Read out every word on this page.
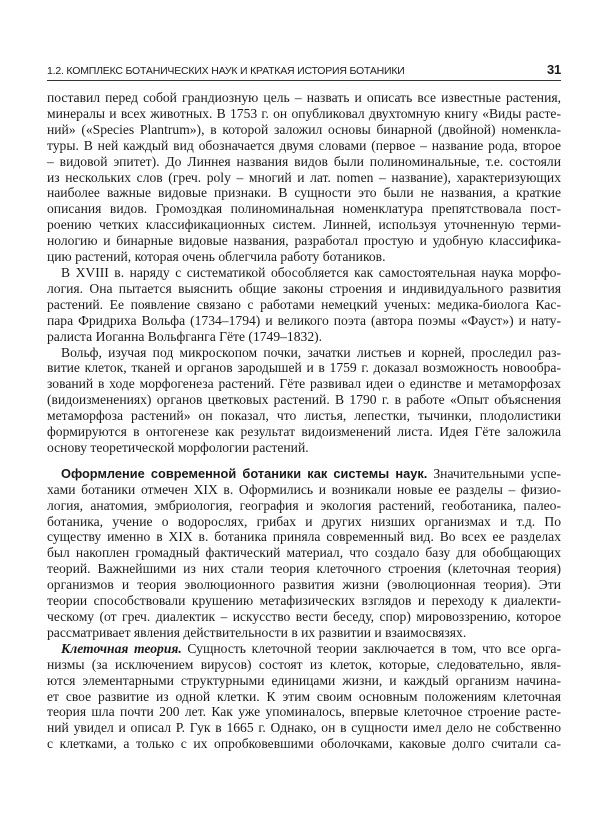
1.2. КОМПЛЕКС БОТАНИЧЕСКИХ НАУК И КРАТКАЯ ИСТОРИЯ БОТАНИКИ	31
поставил перед собой грандиозную цель – назвать и описать все известные растения,
минералы и всех животных. В 1753 г. он опубликовал двухтомную книгу «Виды расте-
ний» («Species Plantrum»), в которой заложил основы бинарной (двойной) номенкла-
туры. В ней каждый вид обозначается двумя словами (первое – название рода, второе
– видовой эпитет). До Линнея названия видов были полиноминальные, т.е. состояли
из нескольких слов (греч. poly – многий и лат. nomen – название), характеризующих
наиболее важные видовые признаки. В сущности это были не названия, а краткие
описания видов. Громоздкая полиноминальная номенклатура препятствовала пост-
роению четких классификационных систем. Линней, используя уточненную терми-
нологию и бинарные видовые названия, разработал простую и удобную классифика-
цию растений, которая очень облегчила работу ботаников.
В XVIII в. наряду с систематикой обособляется как самостоятельная наука морфо-
логия. Она пытается выяснить общие законы строения и индивидуального развития
растений. Ее появление связано с работами немецкий ученых: медика-биолога Кас-
пара Фридриха Вольфа (1734–1794) и великого поэта (автора поэмы «Фауст») и нату-
ралиста Иоганна Вольфганга Гёте (1749–1832).
Вольф, изучая под микроскопом почки, зачатки листьев и корней, проследил раз-
витие клеток, тканей и органов зародышей и в 1759 г. доказал возможность новообра-
зований в ходе морфогенеза растений. Гёте развивал идеи о единстве и метаморфозах
(видоизменениях) органов цветковых растений. В 1790 г. в работе «Опыт объяснения
метаморфоза растений» он показал, что листья, лепестки, тычинки, плодолистики
формируются в онтогенезе как результат видоизменений листа. Идея Гёте заложила
основу теоретической морфологии растений.
Оформление современной ботаники как системы наук. Значительными успе-
хами ботаники отмечен XIX в. Оформились и возникали новые ее разделы – физио-
логия, анатомия, эмбриология, география и экология растений, геоботаника, палео-
ботаника, учение о водорослях, грибах и других низших организмах и т.д. По
существу именно в XIX в. ботаника приняла современный вид. Во всех ее разделах
был накоплен громадный фактический материал, что создало базу для обобщающих
теорий. Важнейшими из них стали теория клеточного строения (клеточная теория)
организмов и теория эволюционного развития жизни (эволюционная теория). Эти
теории способствовали крушению метафизических взглядов и переходу к диалекти-
ческому (от греч. диалектик – искусство вести беседу, спор) мировоззрению, которое
рассматривает явления действительности в их развитии и взаимосвязях.
Клеточная теория. Сущность клеточной теории заключается в том, что все орга-
низмы (за исключением вирусов) состоят из клеток, которые, следовательно, явля-
ются элементарными структурными единицами жизни, и каждый организм начина-
ет свое развитие из одной клетки. К этим своим основным положениям клеточная
теория шла почти 200 лет. Как уже упоминалось, впервые клеточное строение расте-
ний увидел и описал Р. Гук в 1665 г. Однако, он в сущности имел дело не собственно
с клетками, а только с их опробковевшими оболочками, каковые долго считали са-
